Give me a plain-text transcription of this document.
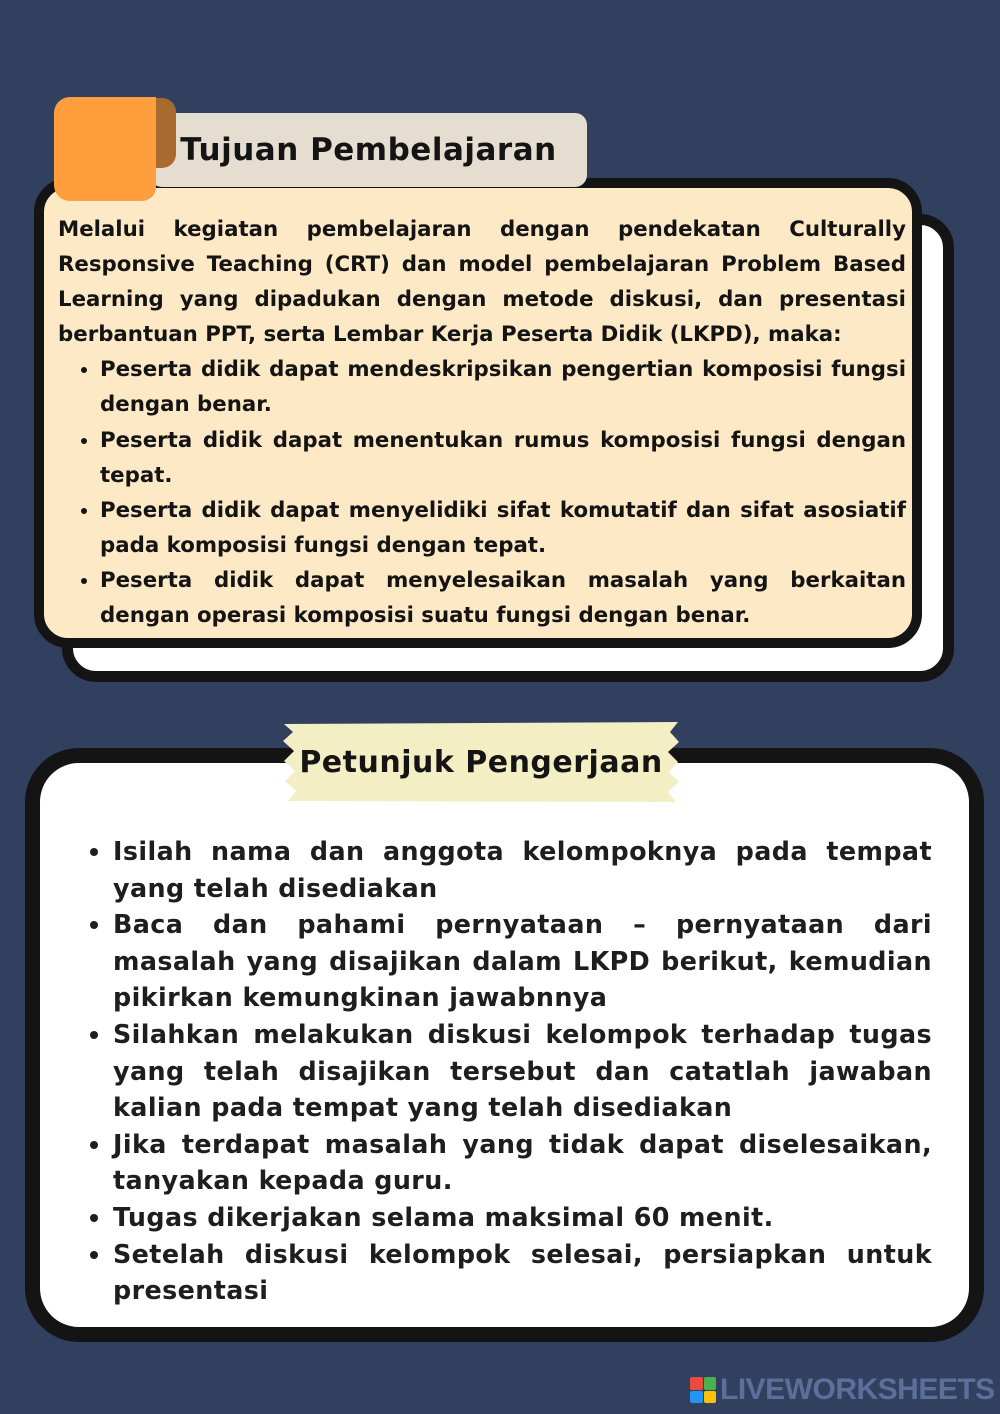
Melalui kegiatan pembelajaran dengan pendekatan Culturally Responsive Teaching (CRT) dan model pembelajaran Problem Based Learning yang dipadukan dengan metode diskusi, dan presentasi berbantuan PPT, serta Lembar Kerja Peserta Didik (LKPD), maka:

• Peserta didik dapat mendeskripsikan pengertian komposisi fungsi dengan benar.
• Peserta didik dapat menentukan rumus komposisi fungsi dengan tepat.
• Peserta didik dapat menyelidiki sifat komutatif dan sifat asosiatif pada komposisi fungsi dengan tepat.
• Peserta didik dapat menyelesaikan masalah yang berkaitan dengan operasi komposisi suatu fungsi dengan benar.
Tujuan Pembelajaran
Petunjuk Pengerjaan
• Isilah nama dan anggota kelompoknya pada tempat yang telah disediakan
• Baca dan pahami pernyataan – pernyataan dari masalah yang disajikan dalam LKPD berikut, kemudian pikirkan kemungkinan jawabnnya
• Silahkan melakukan diskusi kelompok terhadap tugas yang telah disajikan tersebut dan catatlah jawaban kalian pada tempat yang telah disediakan
• Jika terdapat masalah yang tidak dapat diselesaikan, tanyakan kepada guru.
• Tugas dikerjakan selama maksimal 60 menit.
• Setelah diskusi kelompok selesai, persiapkan untuk presentasi
LIVEWORKSHEETS
